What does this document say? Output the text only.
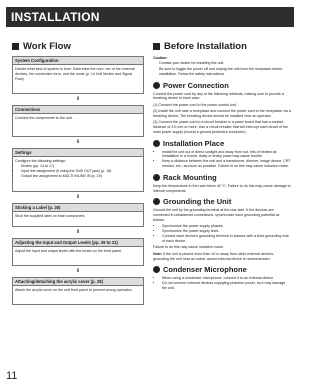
INSTALLATION
Work Flow
System Configuration
Decide what kind of system to form. Determine the num- ber of the external devices, the connection form, and the mode (p. 14 Unit Modes and Signal Flow)
⬇
Connections
Connect the components to the unit.
⬇
Settings
Configure the following settings:
• Modes (pp. 14 to 17)
• Input line assignment (if using the SUB OUT jack) (p. 18)
• Output line assignment to MULTI INLINE IN (p. 19)
⬇
Sticking a Label (p. 28)
Stick the supplied label on each component.
⬇
Adjusting the Input and Output Levels (pp. 29 to 31)
Adjust the input and output levels with the knobs on the front panel.
⬇
Attaching/detaching the acrylic cover (p. 28)
Attach the acrylic cover on the unit front panel to prevent wrong operation.
Before Installation
Caution:

Contact your dealer for installing the unit.

Be sure to toggle the power off and unplug the unit from the receptacle before installation. Follow the safety instructions.

Power Connection

Connect the power cord by any of the following methods, making sure to provide a breaking device in each case.

(1) Connect the power cord to the power control unit.

(2) Install the unit near a receptacle and connect the power cord to the receptacle via a breaking device. The breaking device should be installed near an operator.

(3) Connect the power cord to a circuit breaker in a panel board that has a contact distance of 3.0 mm or more. Use a circuit breaker that will interrupt each circuit of the main power supply (except a ground-protective conductor).

Installation Place
• Install the unit out of direct sunlight and away from out- lets of heated air. Installation in a humid, dusty or shaky place may cause trouble.
• Keep a distance between the unit and a transformer, dimmer, image device, CRT monitor, etc., as much as possible. Failure to do this may cause induction noise.
Rack Mounting

Keep the temperature in the rack below 40 °C. Failure to do this may cause damage to internal components.

Grounding the Unit

Ground the unit by the grounding terminal at the rear side. If the devices are connected in unbalanced connections, synchronize each grounding potential as follows:

• Synchronize the power supply phases.
• Synchronize the power supply lines.
• Connect each device's grounding terminal in classes with a thick grounding wire of each device.

Failure to do this may cause induction noise.

Note: If the unit is placed more than 10 m away from other external devices, grounding the unit near an unbal- anced external device is recommended.

Condenser Microphone
• When using a condenser microphone, connect it to an external device.
• Do not connect external devices supplying phantom power, as it may damage the unit.
11
